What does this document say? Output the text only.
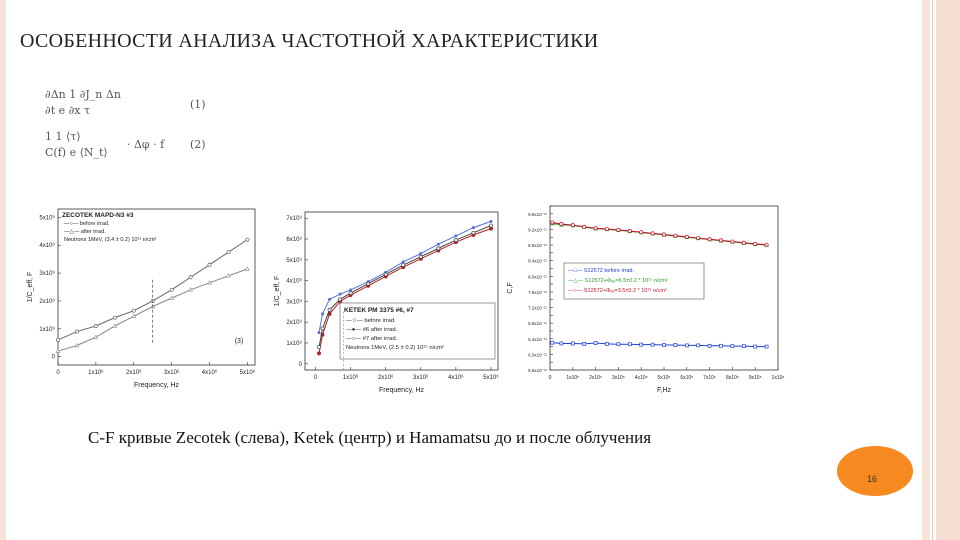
ОСОБЕННОСТИ АНАЛИЗА ЧАСТОТНОЙ ХАРАКТЕРИСТИКИ
∂Δn 1 ∂J_n Δn
∂t e ∂x τ	(1)
1 1 ⟨τ⟩
C(f) e ⟨N_t⟩
· Δφ · f (2)
0	1x10⁶	2x10⁶	3x10⁶	4x10⁶	5x10⁶
0
1x10⁹
2x10⁹
3x10⁹
4x10⁹
5x10⁹
Frequency, Hz
1/C_eff, F
ZECOTEK MAPD-N3 #3
—○— before irrad.
—△— after irrad.
Neutrons 1MeV, (3.4 ± 0.2) 10¹¹ n/cm²
(3)
0	1x10⁶	2x10⁶	3x10⁶	4x10⁶	5x10⁶
0
1x10⁹
2x10⁹
3x10⁹
4x10⁹
5x10⁹
6x10⁹
7x10⁹
Frequency, Hz
1/C_eff, F
KETEK PM 3375 #6, #7
—☆— before irrad.
—●— #6 after irrad.
—○— #7 after irrad.
Neutrons 1MeV, (2.5 ± 0.2) 10¹⁵ n/cm²
0	1x10⁵ 2x10⁵ 3x10⁵ 4x10⁵ 5x10⁵ 6x10⁵ 7x10⁵ 8x10⁵ 9x10⁵ 1x10⁶
5.6x10⁻¹¹
6.0x10⁻¹¹
6.4x10⁻¹¹
6.8x10⁻¹¹
7.2x10⁻¹¹
7.6x10⁻¹¹
8.0x10⁻¹¹
8.4x10⁻¹¹
8.8x10⁻¹¹
9.2x10⁻¹¹
9.6x10⁻¹¹
F,Hz
C,F
—□— S12572 before irrad.
—△— S12572+Φₑₑ=6.5±0.2 * 10¹⁵ n/cm²
—○— S12572+Φₑₑ=3.5±0.2 * 10¹⁵ n/cm²
C-F кривые Zecotek (слева), Ketek (центр) и Hamamatsu до и после облучения
16
